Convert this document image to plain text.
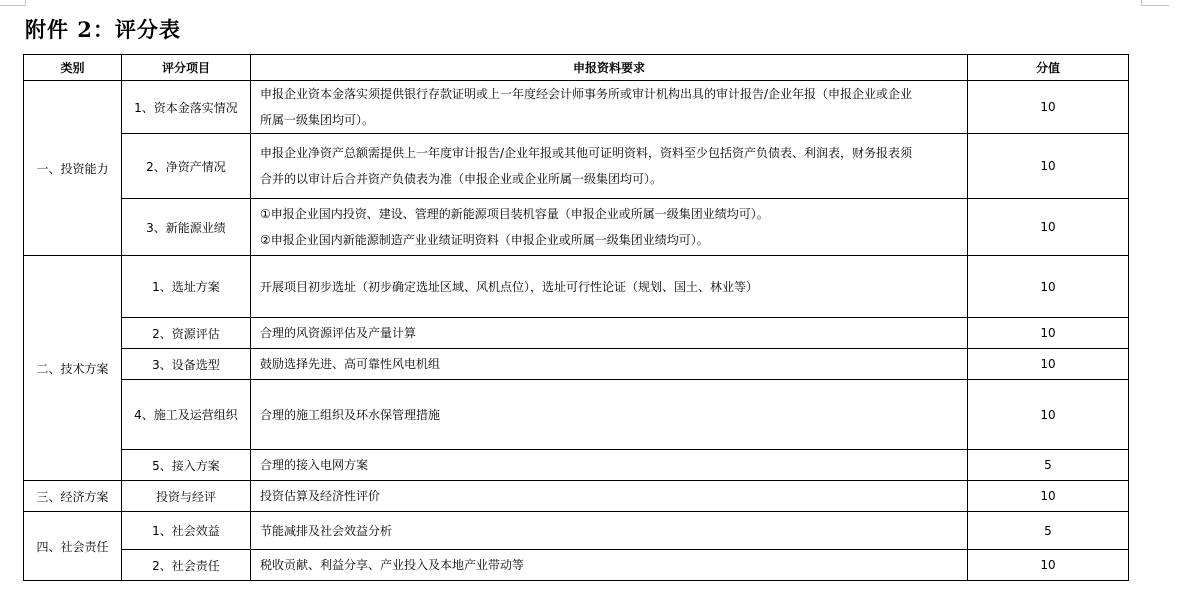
附件 2：评分表
类别	评分项目	申报资料要求	分值
一、投资能力	1、资本金落实情况	申报企业资本金落实须提供银行存款证明或上一年度经会计师事务所或审计机构出具的审计报告/企业年报（申报企业或企业
所属一级集团均可）。	10
	2、净资产情况	申报企业净资产总额需提供上一年度审计报告/企业年报或其他可证明资料，资料至少包括资产负债表、利润表，财务报表须
合并的以审计后合并资产负债表为准（申报企业或企业所属一级集团均可）。	10
	3、新能源业绩	①申报企业国内投资、建设、管理的新能源项目装机容量（申报企业或所属一级集团业绩均可）。
②申报企业国内新能源制造产业业绩证明资料（申报企业或所属一级集团业绩均可）。	10
二、技术方案	1、选址方案	开展项目初步选址（初步确定选址区域、风机点位），选址可行性论证（规划、国土、林业等）	10
	2、资源评估	合理的风资源评估及产量计算	10
	3、设备选型	鼓励选择先进、高可靠性风电机组	10
	4、施工及运营组织	合理的施工组织及环水保管理措施	10
	5、接入方案	合理的接入电网方案	5
三、经济方案	投资与经评	投资估算及经济性评价	10
四、社会责任	1、社会效益	节能减排及社会效益分析	5
	2、社会责任	税收贡献、利益分享、产业投入及本地产业带动等	10
